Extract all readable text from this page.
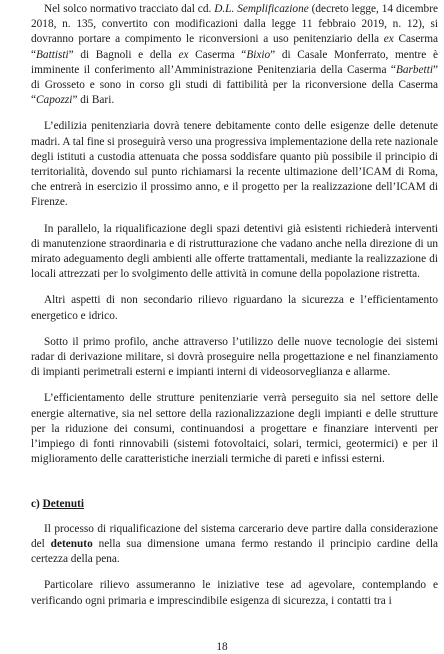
Nel solco normativo tracciato dal cd. D.L. Semplificazione (decreto legge, 14 dicembre 2018, n. 135, convertito con modificazioni dalla legge 11 febbraio 2019, n. 12), si dovranno portare a compimento le riconversioni a uso penitenziario della ex Caserma “Battisti” di Bagnoli e della ex Caserma “Bixio” di Casale Monferrato, mentre è imminente il conferimento all’Amministrazione Penitenziaria della Caserma “Barbetti” di Grosseto e sono in corso gli studi di fattibilità per la riconversione della Caserma “Capozzi” di Bari.

L’edilizia penitenziaria dovrà tenere debitamente conto delle esigenze delle detenute madri. A tal fine si proseguirà verso una progressiva implementazione della rete nazionale degli istituti a custodia attenuata che possa soddisfare quanto più possibile il principio di territorialità, dovendo sul punto richiamarsi la recente ultimazione dell’ICAM di Roma, che entrerà in esercizio il prossimo anno, e il progetto per la realizzazione dell’ICAM di Firenze.

In parallelo, la riqualificazione degli spazi detentivi già esistenti richiederà interventi di manutenzione straordinaria e di ristrutturazione che vadano anche nella direzione di un mirato adeguamento degli ambienti alle offerte trattamentali, mediante la realizzazione di locali attrezzati per lo svolgimento delle attività in comune della popolazione ristretta.

Altri aspetti di non secondario rilievo riguardano la sicurezza e l’efficientamento energetico e idrico.

Sotto il primo profilo, anche attraverso l’utilizzo delle nuove tecnologie dei sistemi radar di derivazione militare, si dovrà proseguire nella progettazione e nel finanziamento di impianti perimetrali esterni e impianti interni di videosorveglianza e allarme.

L’efficientamento delle strutture penitenziarie verrà perseguito sia nel settore delle energie alternative, sia nel settore della razionalizzazione degli impianti e delle strutture per la riduzione dei consumi, continuandosi a progettare e finanziare interventi per l’impiego di fonti rinnovabili (sistemi fotovoltaici, solari, termici, geotermici) e per il miglioramento delle caratteristiche inerziali termiche di pareti e infissi esterni.

c) Detenuti

Il processo di riqualificazione del sistema carcerario deve partire dalla considerazione del detenuto nella sua dimensione umana fermo restando il principio cardine della certezza della pena.

Particolare rilievo assumeranno le iniziative tese ad agevolare, contemplando e verificando ogni primaria e imprescindibile esigenza di sicurezza, i contatti tra i

18
